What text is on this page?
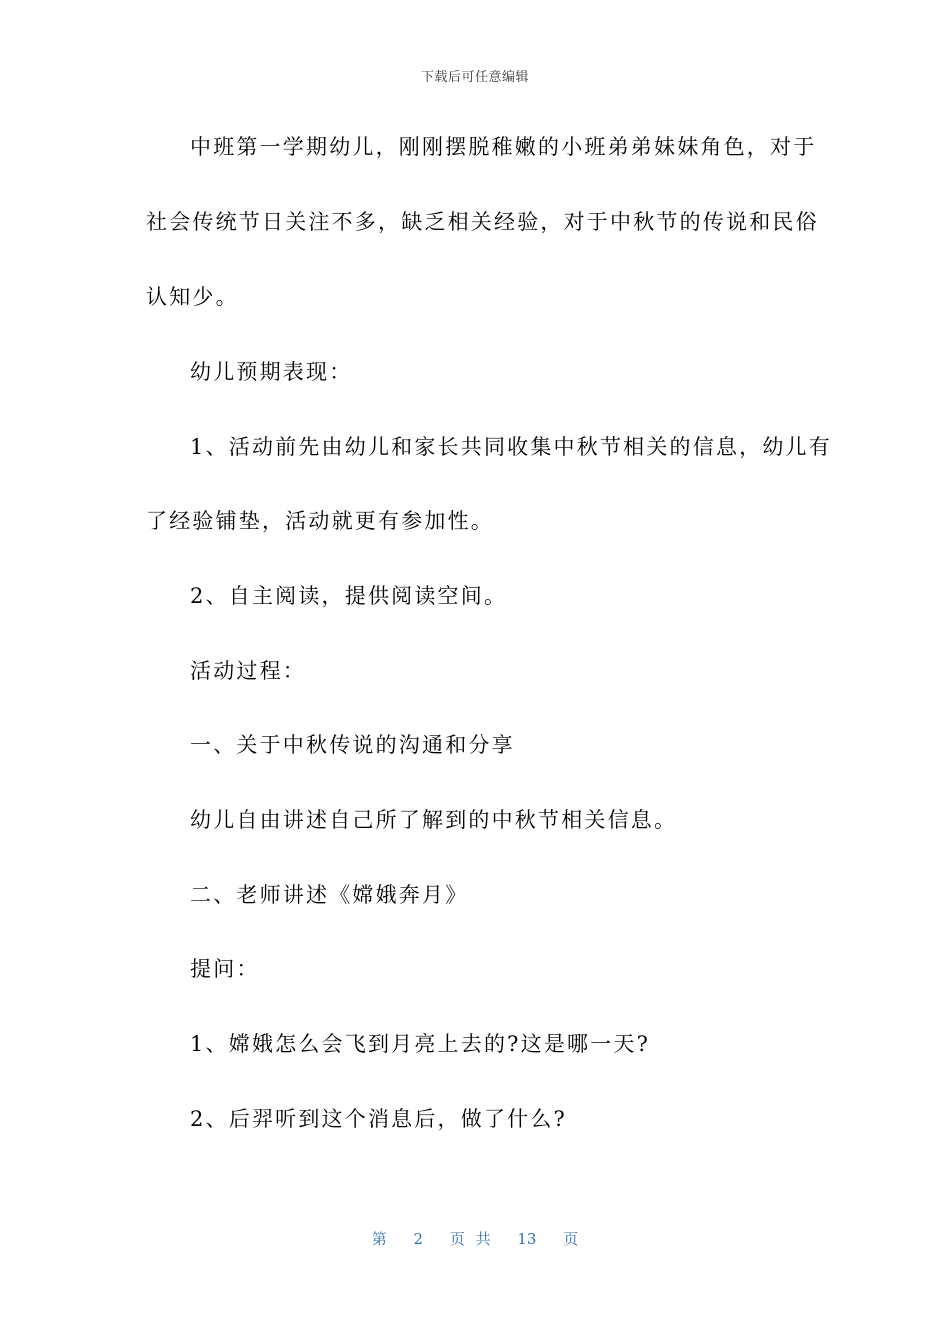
下载后可任意编辑
中班第一学期幼儿，刚刚摆脱稚嫩的小班弟弟妹妹角色，对于
社会传统节日关注不多，缺乏相关经验，对于中秋节的传说和民俗
认知少。
幼儿预期表现：
1、活动前先由幼儿和家长共同收集中秋节相关的信息，幼儿有
了经验铺垫，活动就更有参加性。
2、自主阅读，提供阅读空间。
活动过程：
一、关于中秋传说的沟通和分享
幼儿自由讲述自己所了解到的中秋节相关信息。
二、老师讲述《嫦娥奔月》
提问：
1、嫦娥怎么会飞到月亮上去的?这是哪一天?
2、后羿听到这个消息后，做了什么?
第 2 页 共 13 页
